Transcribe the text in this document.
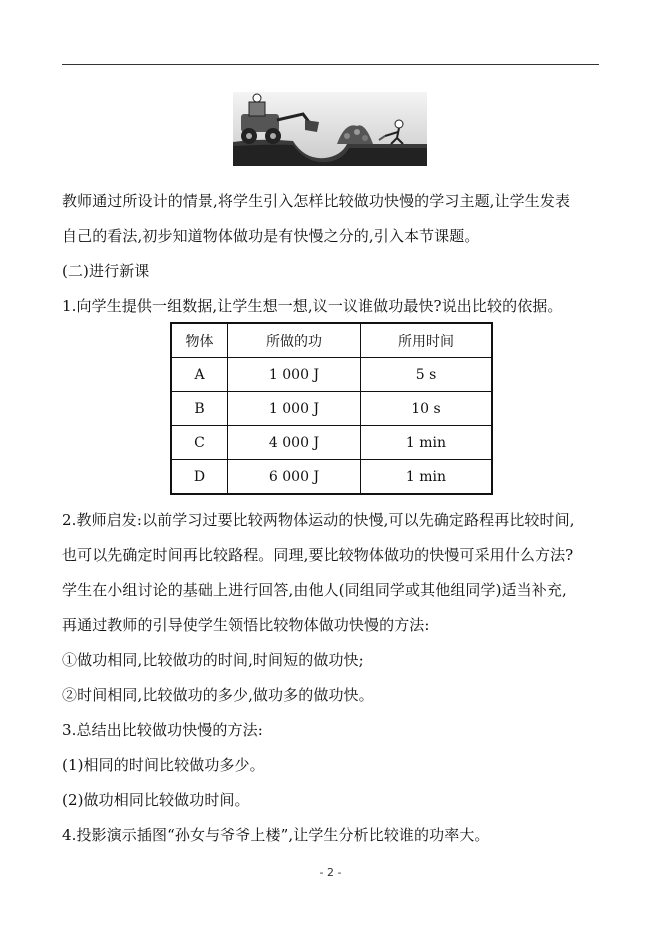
教师通过所设计的情景,将学生引入怎样比较做功快慢的学习主题,让学生发表
自己的看法,初步知道物体做功是有快慢之分的,引入本节课题。
(二)进行新课
1.向学生提供一组数据,让学生想一想,议一议谁做功最快?说出比较的依据。
物体	所做的功	所用时间
A	1 000 J	5 s
B	1 000 J	10 s
C	4 000 J	1 min
D	6 000 J	1 min
2.教师启发:以前学习过要比较两物体运动的快慢,可以先确定路程再比较时间,
也可以先确定时间再比较路程。同理,要比较物体做功的快慢可采用什么方法?
学生在小组讨论的基础上进行回答,由他人(同组同学或其他组同学)适当补充,
再通过教师的引导使学生领悟比较物体做功快慢的方法:
①做功相同,比较做功的时间,时间短的做功快;
②时间相同,比较做功的多少,做功多的做功快。
3.总结出比较做功快慢的方法:
(1)相同的时间比较做功多少。
(2)做功相同比较做功时间。
4.投影演示插图“孙女与爷爷上楼”,让学生分析比较谁的功率大。
- 2 -
